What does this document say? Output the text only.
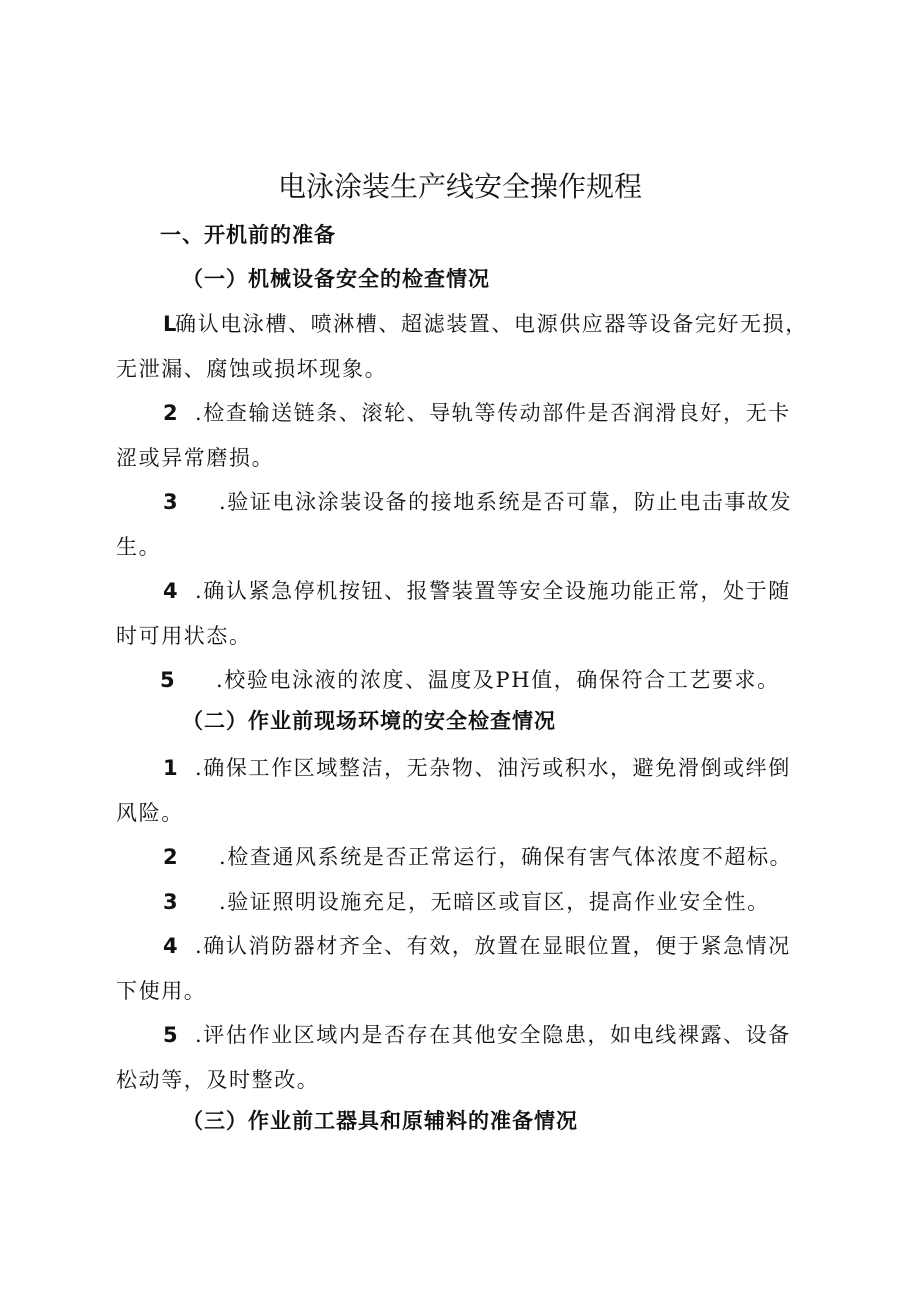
电泳涂装生产线安全操作规程
一、开机前的准备
（一）机械设备安全的检查情况
L确认电泳槽、喷淋槽、超滤装置、电源供应器等设备完好无损，
无泄漏、腐蚀或损坏现象。
2 .检查输送链条、滚轮、导轨等传动部件是否润滑良好，无卡
涩或异常磨损。
3 .验证电泳涂装设备的接地系统是否可靠，防止电击事故发
生。
4 .确认紧急停机按钮、报警装置等安全设施功能正常，处于随
时可用状态。
5 .校验电泳液的浓度、温度及PH值，确保符合工艺要求。
（二）作业前现场环境的安全检查情况
1 .确保工作区域整洁，无杂物、油污或积水，避免滑倒或绊倒
风险。
2 .检查通风系统是否正常运行，确保有害气体浓度不超标。
3 .验证照明设施充足，无暗区或盲区，提高作业安全性。
4 .确认消防器材齐全、有效，放置在显眼位置，便于紧急情况
下使用。
5 .评估作业区域内是否存在其他安全隐患，如电线裸露、设备
松动等，及时整改。
（三）作业前工器具和原辅料的准备情况
